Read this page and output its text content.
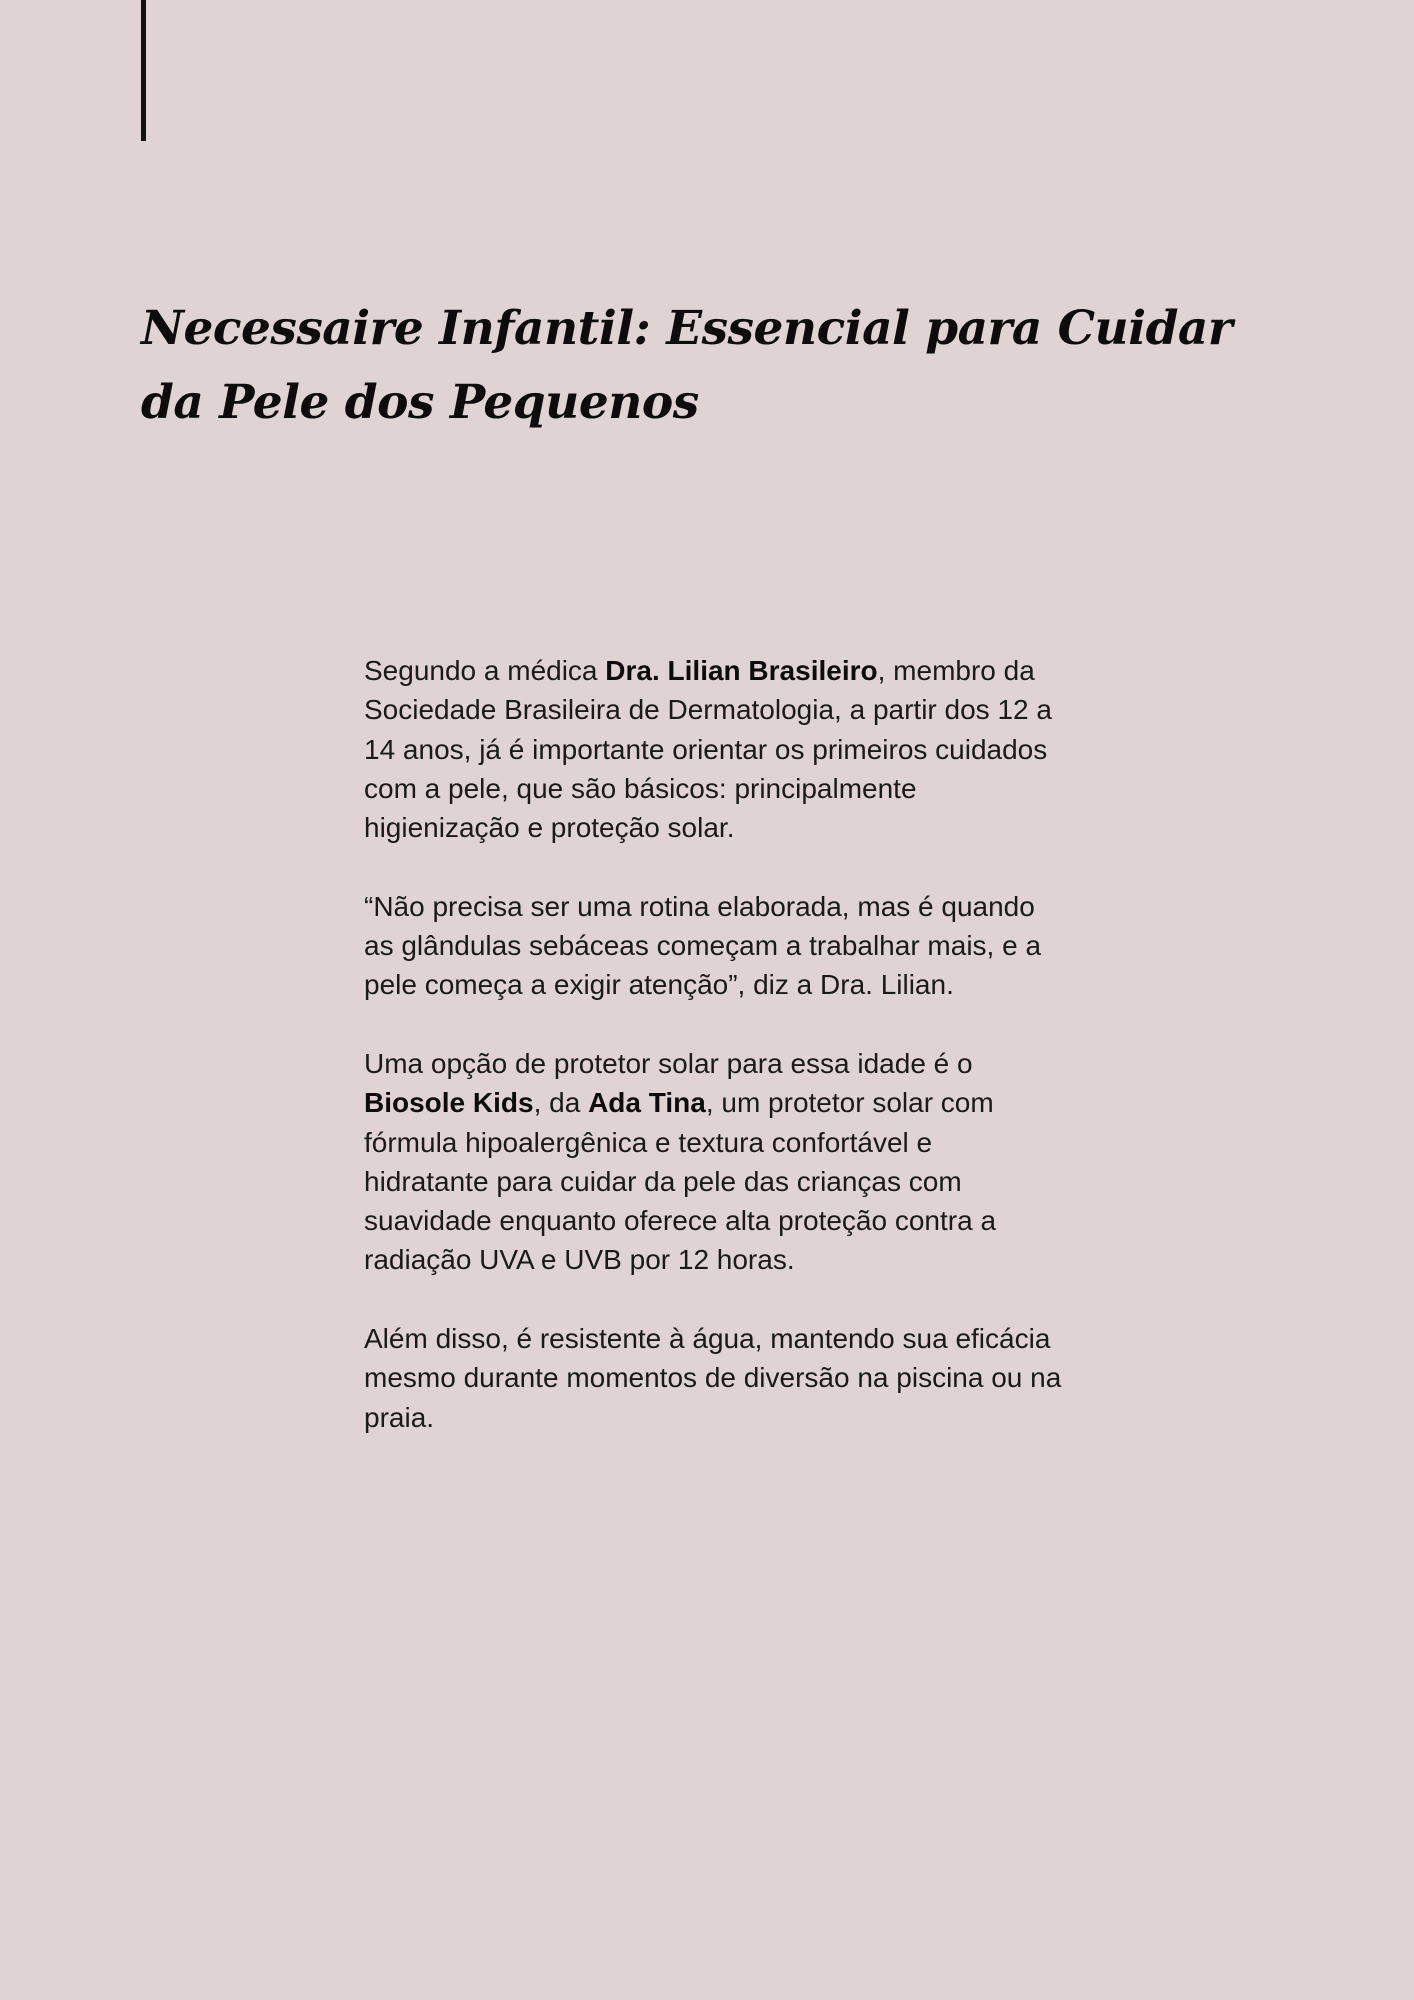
Necessaire Infantil: Essencial para Cuidar da Pele dos Pequenos

Segundo a médica Dra. Lilian Brasileiro, membro da Sociedade Brasileira de Dermatologia, a partir dos 12 a 14 anos, já é importante orientar os primeiros cuidados com a pele, que são básicos: principalmente higienização e proteção solar.

“Não precisa ser uma rotina elaborada, mas é quando as glândulas sebáceas começam a trabalhar mais, e a pele começa a exigir atenção”, diz a Dra. Lilian.

Uma opção de protetor solar para essa idade é o Biosole Kids, da Ada Tina, um protetor solar com fórmula hipoalergênica e textura confortável e hidratante para cuidar da pele das crianças com suavidade enquanto oferece alta proteção contra a radiação UVA e UVB por 12 horas.

Além disso, é resistente à água, mantendo sua eficácia mesmo durante momentos de diversão na piscina ou na praia.
